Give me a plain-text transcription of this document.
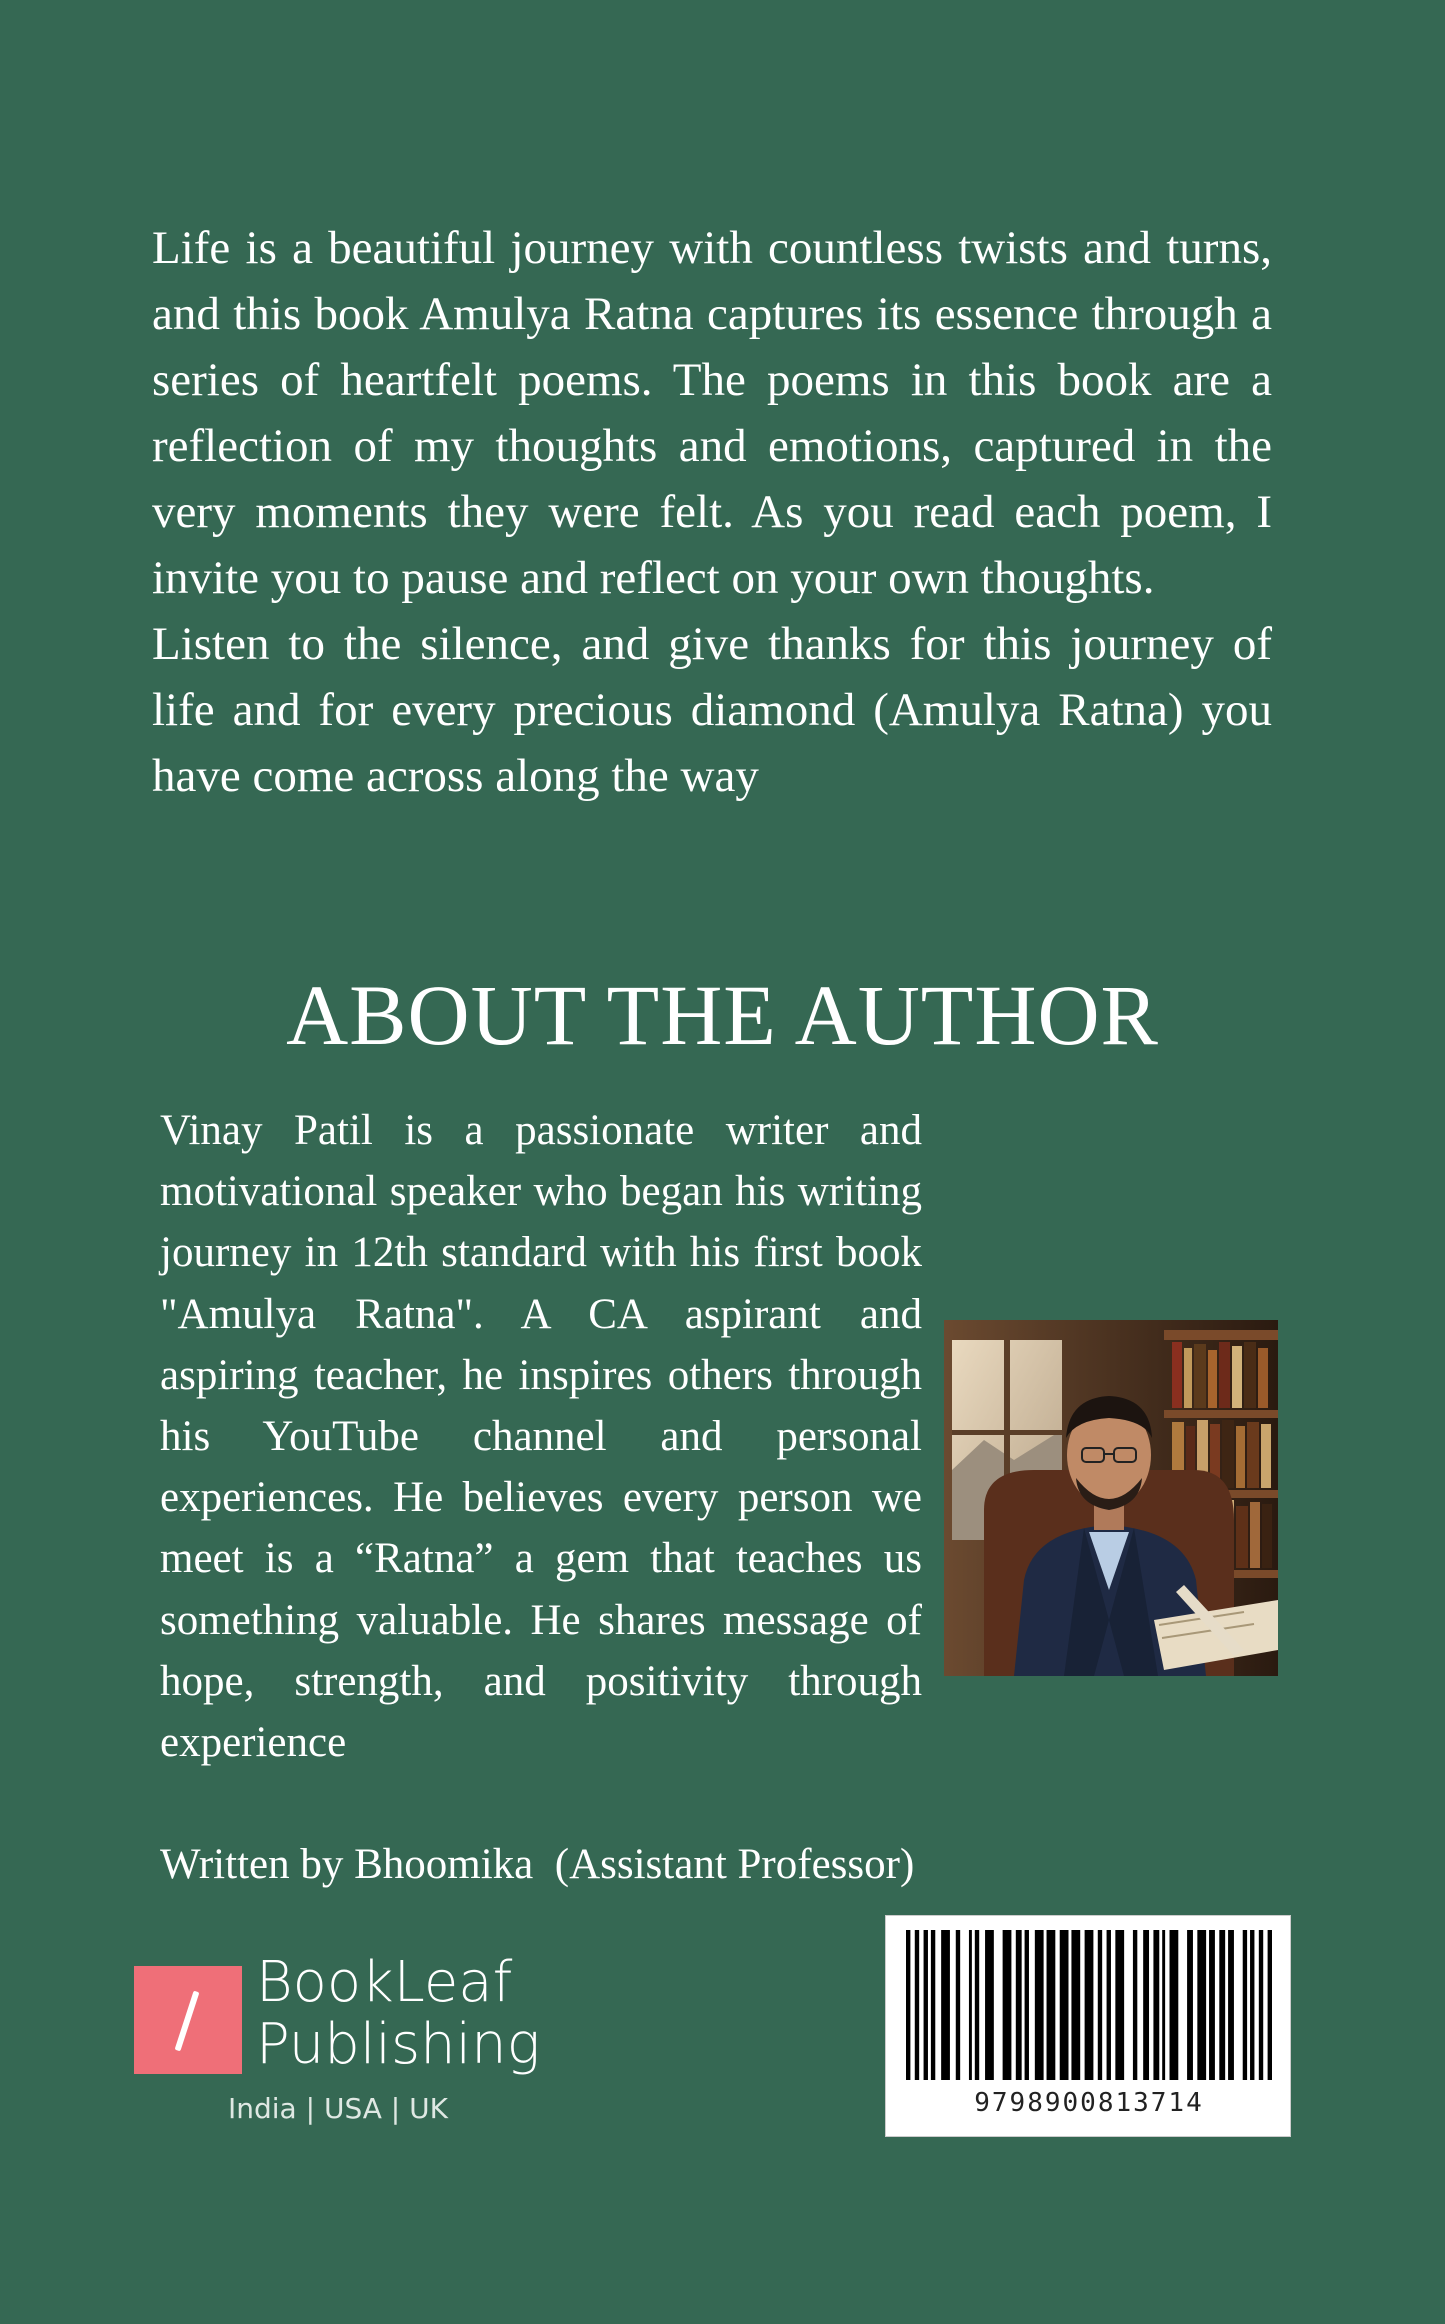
Life is a beautiful journey with countless twists and turns, and this book Amulya Ratna captures its essence through a series of heartfelt poems. The poems in this book are a reflection of my thoughts and emotions, captured in the very moments they were felt. As you read each poem, I invite you to pause and reflect on your own thoughts.

Listen to the silence, and give thanks for this journey of life and for every precious diamond (Amulya Ratna) you have come across along the way

ABOUT THE AUTHOR
Vinay Patil is a passionate writer and motivational speaker who began his writing journey in 12th standard with his first book "Amulya Ratna". A CA aspirant and aspiring teacher, he inspires others through his YouTube channel and personal experiences. He believes every person we meet is a “Ratna” a gem that teaches us something valuable. He shares message of hope, strength, and positivity through experience
Written by Bhoomika  (Assistant Professor)
BookLeaf
Publishing
India | USA | UK	9798900813714
